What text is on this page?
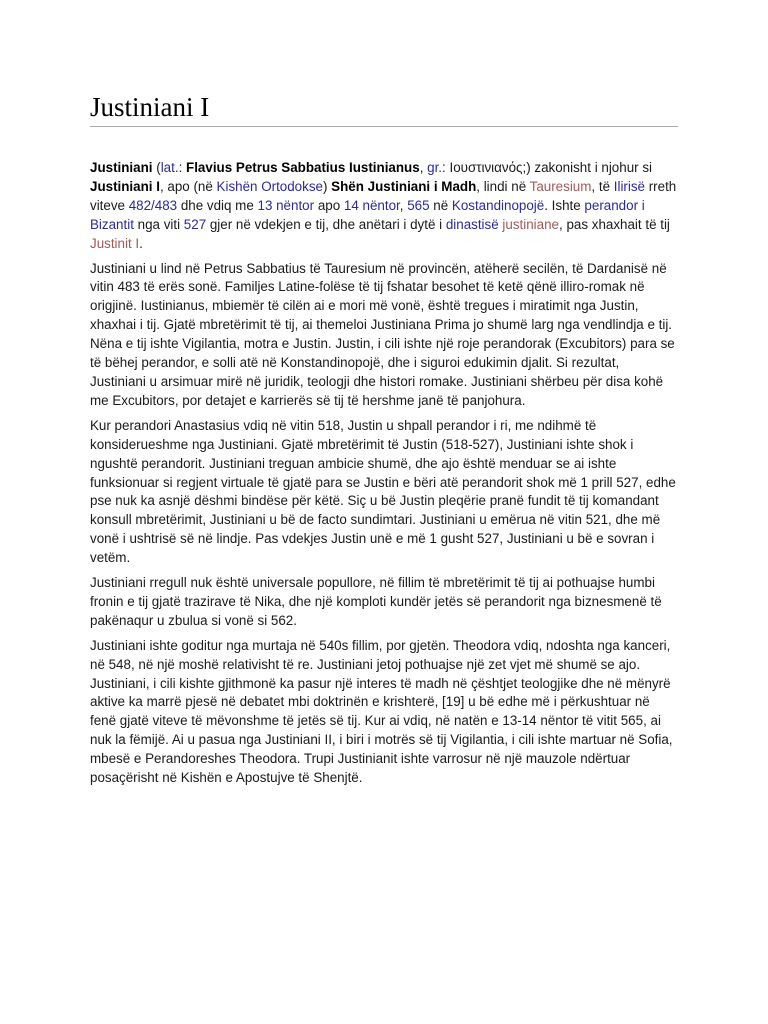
Justiniani I

Justiniani (lat.: Flavius Petrus Sabbatius Iustinianus, gr.: Ιουστινιανός;) zakonisht i njohur si Justiniani I, apo (në Kishën Ortodokse) Shën Justiniani i Madh, lindi në Tauresium, të Ilirisë rreth viteve 482/483 dhe vdiq me 13 nëntor apo 14 nëntor, 565 në Kostandinopojë. Ishte perandor i Bizantit nga viti 527 gjer në vdekjen e tij, dhe anëtari i dytë i dinastisë justiniane, pas xhaxhait të tij Justinit I.

Justiniani u lind në Petrus Sabbatius të Tauresium në provincën, atëherë secilën, të Dardanisë në vitin 483 të erës sonë. Familjes Latine-folëse të tij fshatar besohet të ketë qënë illiro-romak në origjinë. Iustinianus, mbiemër të cilën ai e mori më vonë, është tregues i miratimit nga Justin, xhaxhai i tij. Gjatë mbretërimit të tij, ai themeloi Justiniana Prima jo shumë larg nga vendlindja e tij. Nëna e tij ishte Vigilantia, motra e Justin. Justin, i cili ishte një roje perandorak (Excubitors) para se të bëhej perandor, e solli atë në Konstandinopojë, dhe i siguroi edukimin djalit. Si rezultat, Justiniani u arsimuar mirë në juridik, teologji dhe histori romake. Justiniani shërbeu për disa kohë me Excubitors, por detajet e karrierës së tij të hershme janë të panjohura.

Kur perandori Anastasius vdiq në vitin 518, Justin u shpall perandor i ri, me ndihmë të konsiderueshme nga Justiniani. Gjatë mbretërimit të Justin (518-527), Justiniani ishte shok i ngushtë perandorit. Justiniani treguan ambicie shumë, dhe ajo është menduar se ai ishte funksionuar si regjent virtuale të gjatë para se Justin e bëri atë perandorit shok më 1 prill 527, edhe pse nuk ka asnjë dëshmi bindëse për këtë. Siç u bë Justin pleqërie pranë fundit të tij komandant konsull mbretërimit, Justiniani u bë de facto sundimtari. Justiniani u emërua në vitin 521, dhe më vonë i ushtrisë së në lindje. Pas vdekjes Justin unë e më 1 gusht 527, Justiniani u bë e sovran i vetëm.

Justiniani rregull nuk është universale popullore, në fillim të mbretërimit të tij ai pothuajse humbi fronin e tij gjatë trazirave të Nika, dhe një komploti kundër jetës së perandorit nga biznesmenë të pakënaqur u zbulua si vonë si 562.

Justiniani ishte goditur nga murtaja në 540s fillim, por gjetën. Theodora vdiq, ndoshta nga kanceri, në 548, në një moshë relativisht të re. Justiniani jetoj pothuajse një zet vjet më shumë se ajo. Justiniani, i cili kishte gjithmonë ka pasur një interes të madh në çështjet teologjike dhe në mënyrë aktive ka marrë pjesë në debatet mbi doktrinën e krishterë, [19] u bë edhe më i përkushtuar në fenë gjatë viteve të mëvonshme të jetës së tij. Kur ai vdiq, në natën e 13-14 nëntor të vitit 565, ai nuk la fëmijë. Ai u pasua nga Justiniani II, i biri i motrës së tij Vigilantia, i cili ishte martuar në Sofia, mbesë e Perandoreshes Theodora. Trupi Justinianit ishte varrosur në një mauzole ndërtuar posaçërisht në Kishën e Apostujve të Shenjtë.
